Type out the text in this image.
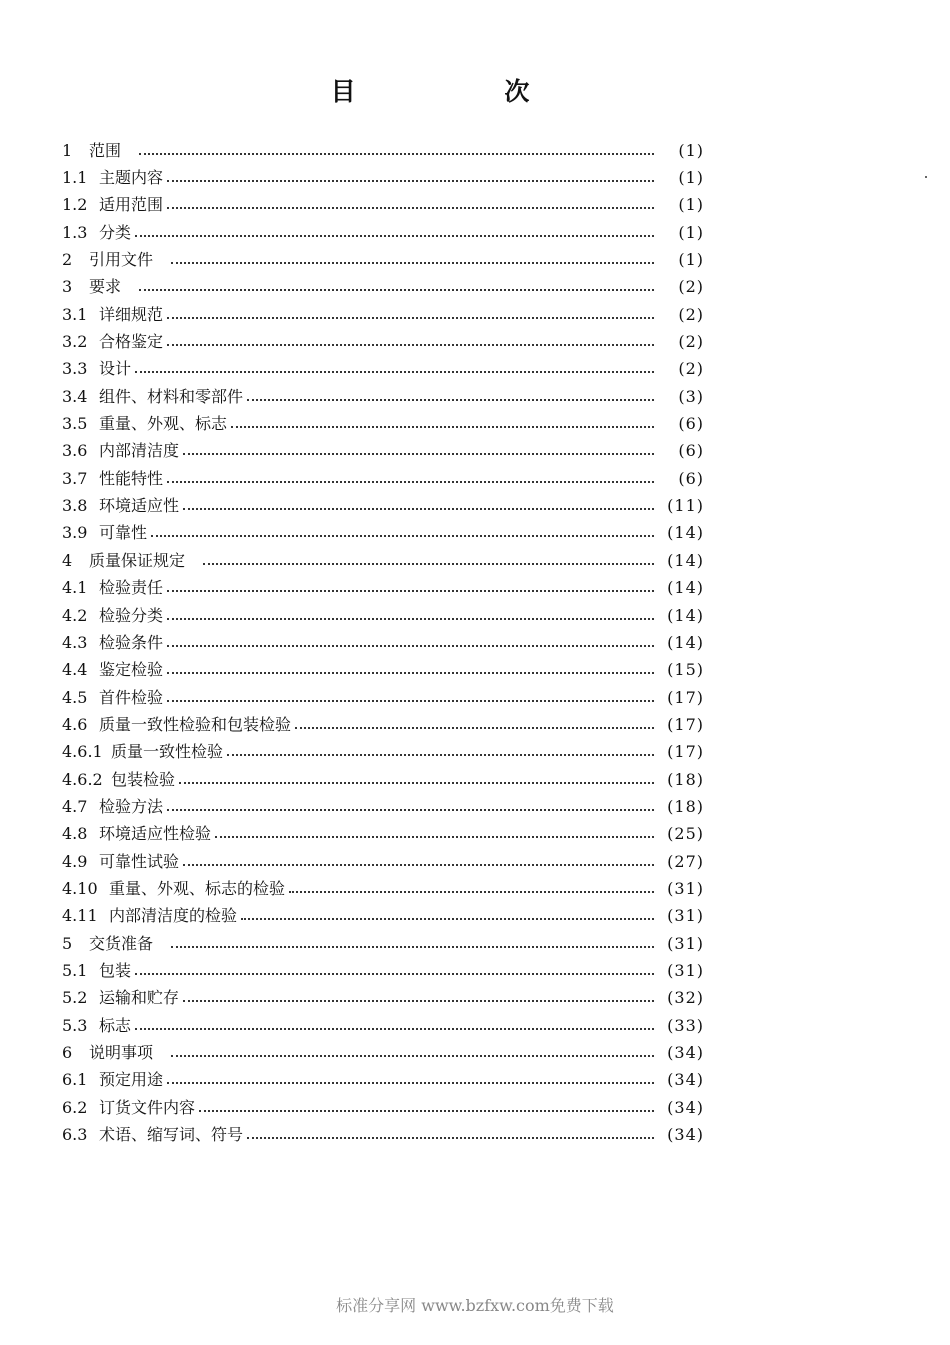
目 次
1 范围	(1)
1.1 主题内容	(1)
1.2 适用范围	(1)
1.3 分类	(1)
2 引用文件	(1)
3 要求	(2)
3.1 详细规范	(2)
3.2 合格鉴定	(2)
3.3 设计	(2)
3.4 组件、材料和零部件	(3)
3.5 重量、外观、标志	(6)
3.6 内部清洁度	(6)
3.7 性能特性	(6)
3.8 环境适应性	(11)
3.9 可靠性	(14)
4 质量保证规定	(14)
4.1 检验责任	(14)
4.2 检验分类	(14)
4.3 检验条件	(14)
4.4 鉴定检验	(15)
4.5 首件检验	(17)
4.6 质量一致性检验和包装检验	(17)
4.6.1 质量一致性检验	(17)
4.6.2 包装检验	(18)
4.7 检验方法	(18)
4.8 环境适应性检验	(25)
4.9 可靠性试验	(27)
4.10 重量、外观、标志的检验	(31)
4.11 内部清洁度的检验	(31)
5 交货准备	(31)
5.1 包装	(31)
5.2 运输和贮存	(32)
5.3 标志	(33)
6 说明事项	(34)
6.1 预定用途	(34)
6.2 订货文件内容	(34)
6.3 术语、缩写词、符号	(34)
标准分享网 www.bzfxw.com免费下载
